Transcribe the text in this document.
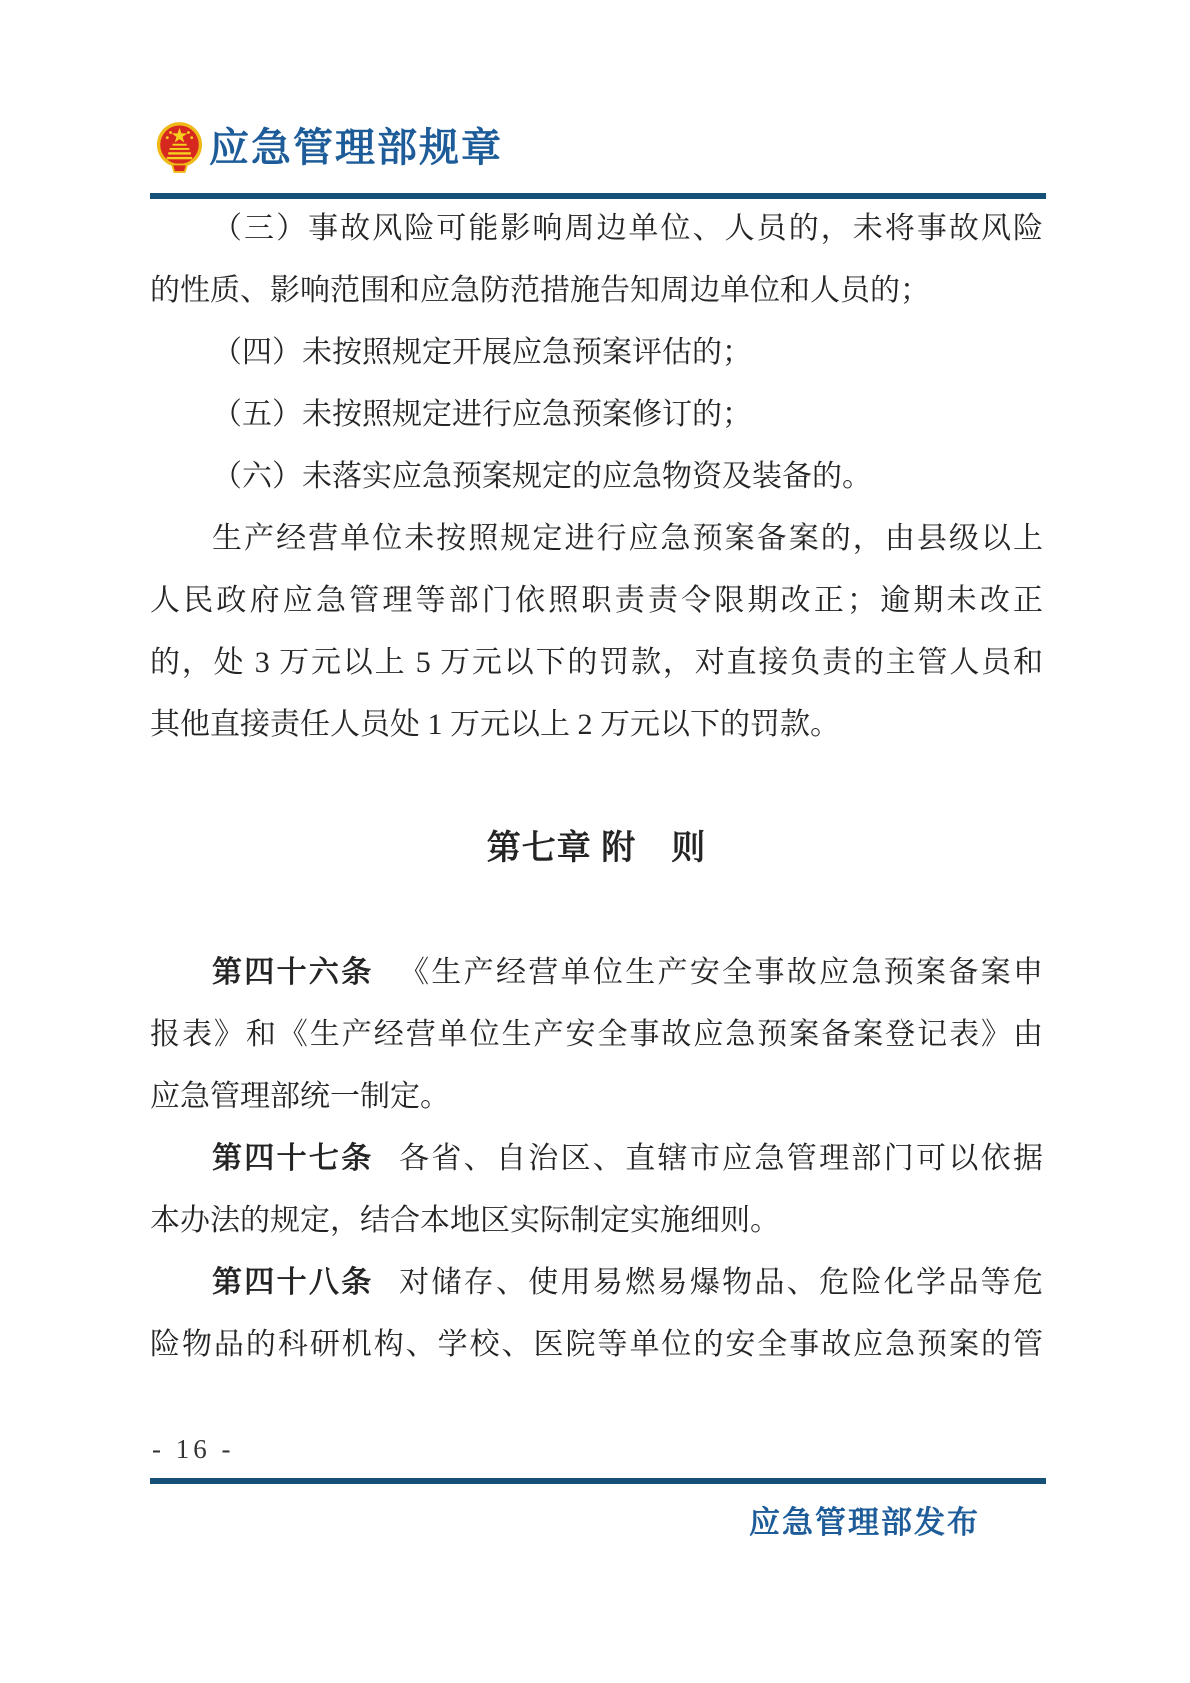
应急管理部规章
（三）事故风险可能影响周边单位、人员的，未将事故风险
的性质、影响范围和应急防范措施告知周边单位和人员的；
（四）未按照规定开展应急预案评估的；
（五）未按照规定进行应急预案修订的；
（六）未落实应急预案规定的应急物资及装备的。
生产经营单位未按照规定进行应急预案备案的，由县级以上
人民政府应急管理等部门依照职责责令限期改正；逾期未改正
的，处 3 万元以上 5 万元以下的罚款，对直接负责的主管人员和
其他直接责任人员处 1 万元以上 2 万元以下的罚款。
第七章 附　则
第四十六条 《生产经营单位生产安全事故应急预案备案申
报表》和《生产经营单位生产安全事故应急预案备案登记表》由
应急管理部统一制定。
第四十七条 各省、自治区、直辖市应急管理部门可以依据
本办法的规定，结合本地区实际制定实施细则。
第四十八条 对储存、使用易燃易爆物品、危险化学品等危
险物品的科研机构、学校、医院等单位的安全事故应急预案的管
- 16 -
应急管理部发布
